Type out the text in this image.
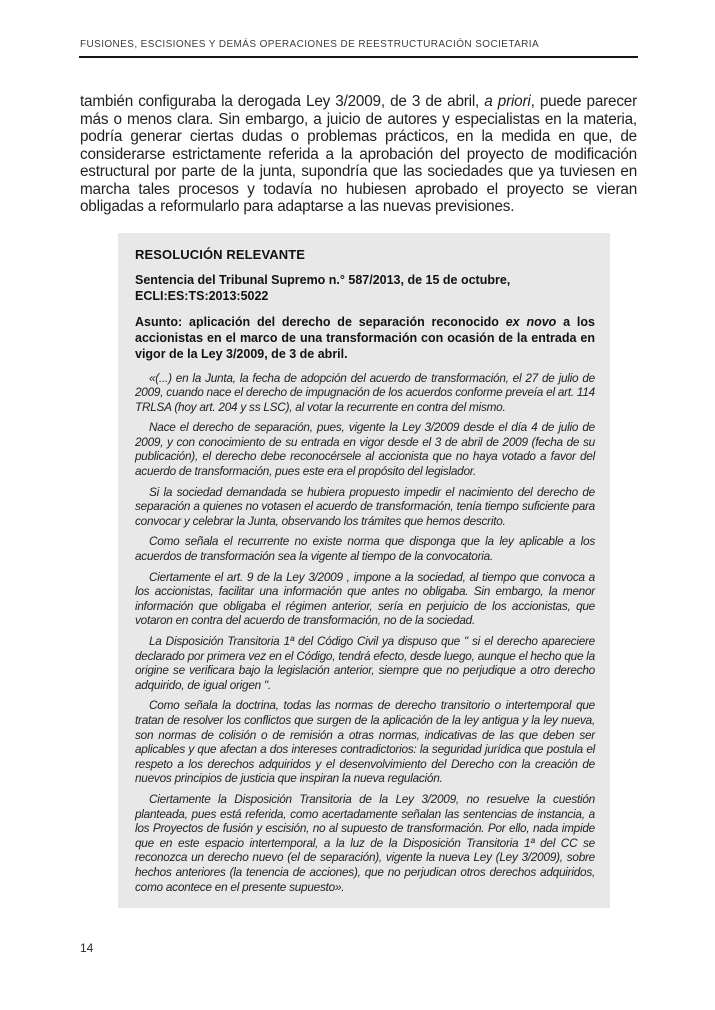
FUSIONES, ESCISIONES Y DEMÁS OPERACIONES DE REESTRUCTURACIÓN SOCIETARIA

también configuraba la derogada Ley 3/2009, de 3 de abril, a priori, puede parecer más o menos clara. Sin embargo, a juicio de autores y especialistas en la materia, podría generar ciertas dudas o problemas prácticos, en la medida en que, de considerarse estrictamente referida a la aprobación del proyecto de modificación estructural por parte de la junta, supondría que las sociedades que ya tuviesen en marcha tales procesos y todavía no hubiesen aprobado el proyecto se vieran obligadas a reformularlo para adaptarse a las nuevas previsiones.

RESOLUCIÓN RELEVANTE
Sentencia del Tribunal Supremo n.° 587/2013, de 15 de octubre,
ECLI:ES:TS:2013:5022

Asunto: aplicación del derecho de separación reconocido ex novo a los accionistas en el marco de una transformación con ocasión de la entrada en vigor de la Ley 3/2009, de 3 de abril.

«(...) en la Junta, la fecha de adopción del acuerdo de transformación, el 27 de julio de 2009, cuando nace el derecho de impugnación de los acuerdos conforme preveía el art. 114 TRLSA (hoy art. 204 y ss LSC), al votar la recurrente en contra del mismo.

Nace el derecho de separación, pues, vigente la Ley 3/2009 desde el día 4 de julio de 2009, y con conocimiento de su entrada en vigor desde el 3 de abril de 2009 (fecha de su publicación), el derecho debe reconocérsele al accionista que no haya votado a favor del acuerdo de transformación, pues este era el propósito del legislador.

Si la sociedad demandada se hubiera propuesto impedir el nacimiento del derecho de separación a quienes no votasen el acuerdo de transformación, tenía tiempo suficiente para convocar y celebrar la Junta, observando los trámites que hemos descrito.

Como señala el recurrente no existe norma que disponga que la ley aplicable a los acuerdos de transformación sea la vigente al tiempo de la convocatoria.

Ciertamente el art. 9 de la Ley 3/2009 , impone a la sociedad, al tiempo que convoca a los accionistas, facilitar una información que antes no obligaba. Sin embargo, la menor información que obligaba el régimen anterior, sería en perjuicio de los accionistas, que votaron en contra del acuerdo de transformación, no de la sociedad.

La Disposición Transitoria 1ª del Código Civil ya dispuso que " si el derecho apareciere declarado por primera vez en el Código, tendrá efecto, desde luego, aunque el hecho que la origine se verificara bajo la legislación anterior, siempre que no perjudique a otro derecho adquirido, de igual origen ".

Como señala la doctrina, todas las normas de derecho transitorio o intertemporal que tratan de resolver los conflictos que surgen de la aplicación de la ley antigua y la ley nueva, son normas de colisión o de remisión a otras normas, indicativas de las que deben ser aplicables y que afectan a dos intereses contradictorios: la seguridad jurídica que postula el respeto a los derechos adquiridos y el desenvolvimiento del Derecho con la creación de nuevos principios de justicia que inspiran la nueva regulación.

Ciertamente la Disposición Transitoria de la Ley 3/2009, no resuelve la cuestión planteada, pues está referida, como acertadamente señalan las sentencias de instancia, a los Proyectos de fusión y escisión, no al supuesto de transformación. Por ello, nada impide que en este espacio intertemporal, a la luz de la Disposición Transitoria 1ª del CC se reconozca un derecho nuevo (el de separación), vigente la nueva Ley (Ley 3/2009), sobre hechos anteriores (la tenencia de acciones), que no perjudican otros derechos adquiridos, como acontece en el presente supuesto».

14
